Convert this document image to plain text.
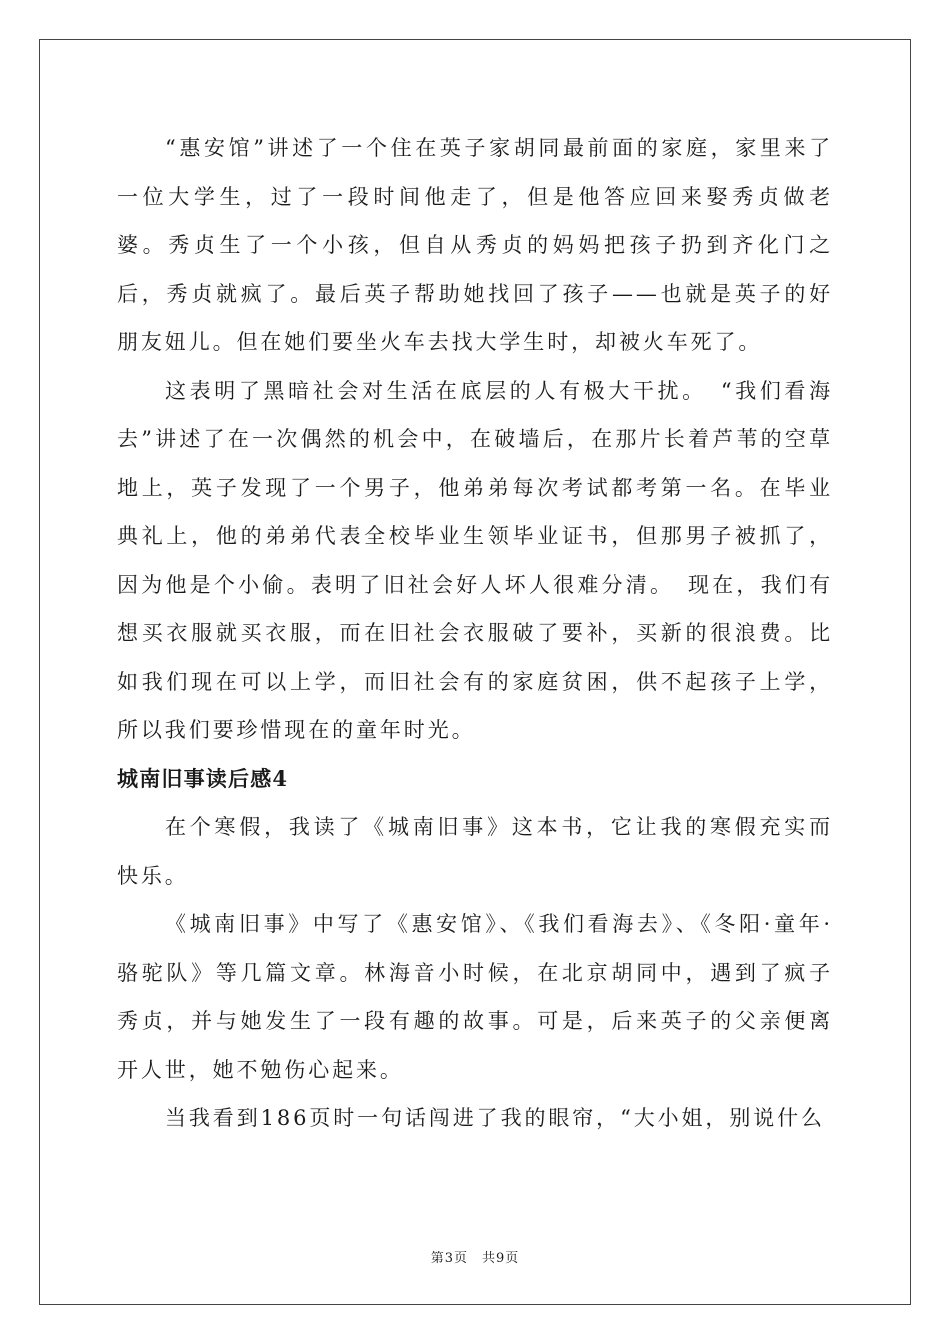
“惠安馆”讲述了一个住在英子家胡同最前面的家庭，家里来了一位大学生，过了一段时间他走了，但是他答应回来娶秀贞做老婆。秀贞生了一个小孩，但自从秀贞的妈妈把孩子扔到齐化门之后，秀贞就疯了。最后英子帮助她找回了孩子——也就是英子的好朋友妞儿。但在她们要坐火车去找大学生时，却被火车死了。

这表明了黑暗社会对生活在底层的人有极大干扰。　“我们看海去”讲述了在一次偶然的机会中，在破墙后，在那片长着芦苇的空草地上，英子发现了一个男子，他弟弟每次考试都考第一名。在毕业典礼上，他的弟弟代表全校毕业生领毕业证书，但那男子被抓了，因为他是个小偷。表明了旧社会好人坏人很难分清。　现在，我们有想买衣服就买衣服，而在旧社会衣服破了要补，买新的很浪费。比如我们现在可以上学，而旧社会有的家庭贫困，供不起孩子上学，所以我们要珍惜现在的童年时光。

城南旧事读后感4

在个寒假，我读了《城南旧事》这本书，它让我的寒假充实而快乐。

《城南旧事》中写了《惠安馆》、《我们看海去》、《冬阳·童年·骆驼队》等几篇文章。林海音小时候，在北京胡同中，遇到了疯子秀贞，并与她发生了一段有趣的故事。可是，后来英子的父亲便离开人世，她不勉伤心起来。

当我看到186页时一句话闯进了我的眼帘，“大小姐，别说什么

第3页 共9页
